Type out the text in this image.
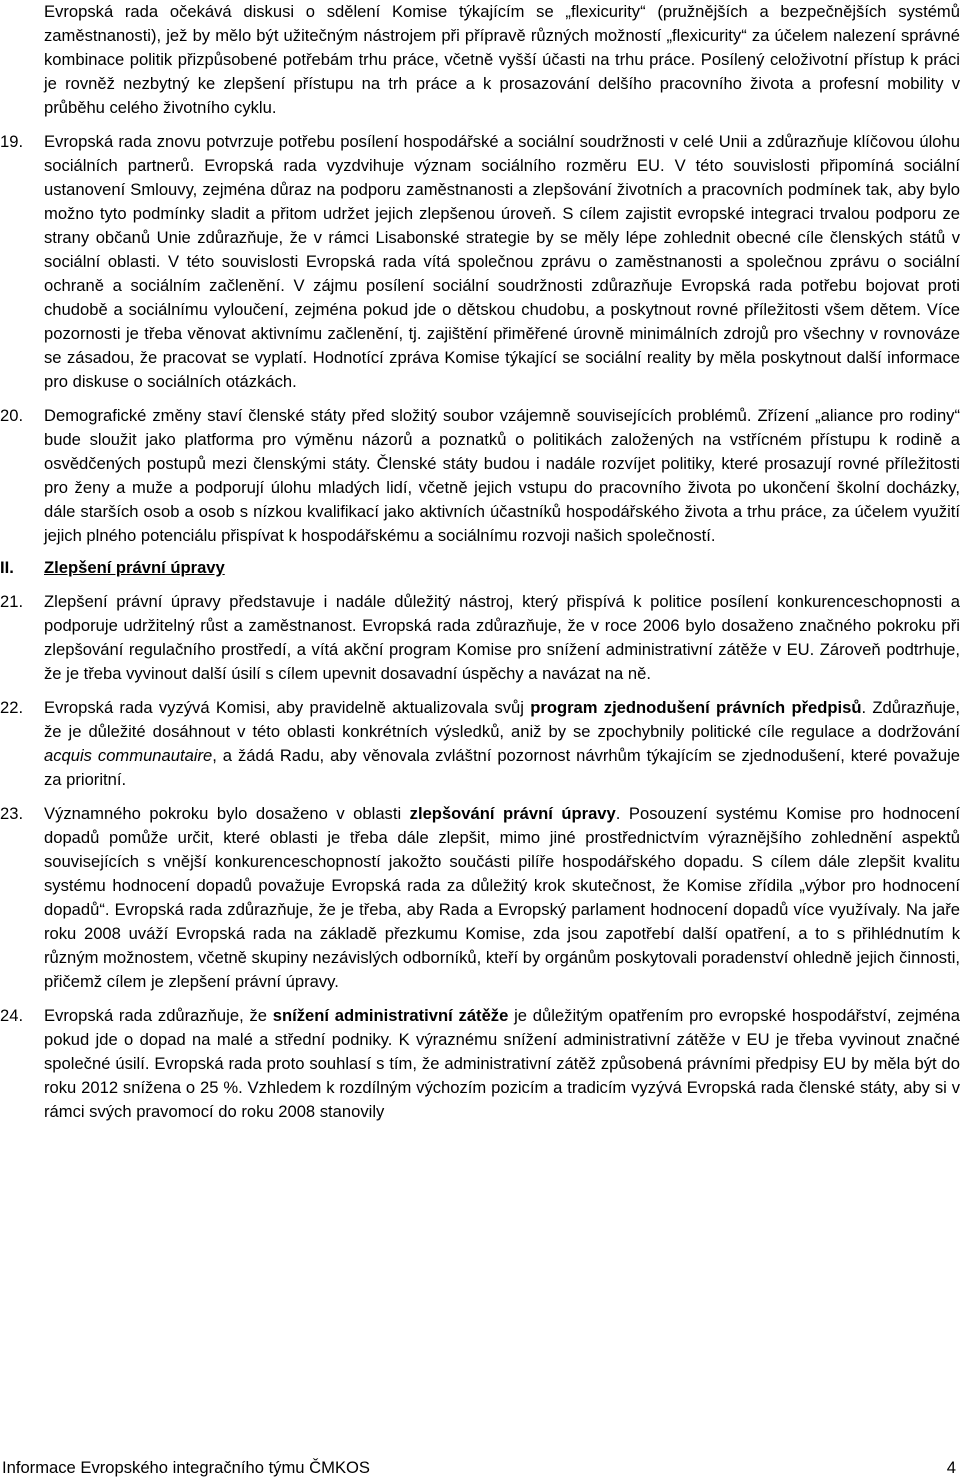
Evropská rada očekává diskusi o sdělení Komise týkajícím se „flexicurity“ (pružnějších a bezpečnějších systémů zaměstnanosti), jež by mělo být užitečným nástrojem při přípravě různých možností „flexicurity“ za účelem nalezení správné kombinace politik přizpůsobené potřebám trhu práce, včetně vyšší účasti na trhu práce. Posílený celoživotní přístup k práci je rovněž nezbytný ke zlepšení přístupu na trh práce a k prosazování delšího pracovního života a profesní mobility v průběhu celého životního cyklu.

19. Evropská rada znovu potvrzuje potřebu posílení hospodářské a sociální soudržnosti v celé Unii a zdůrazňuje klíčovou úlohu sociálních partnerů. Evropská rada vyzdvihuje význam sociálního rozměru EU. V této souvislosti připomíná sociální ustanovení Smlouvy, zejména důraz na podporu zaměstnanosti a zlepšování životních a pracovních podmínek tak, aby bylo možno tyto podmínky sladit a přitom udržet jejich zlepšenou úroveň. S cílem zajistit evropské integraci trvalou podporu ze strany občanů Unie zdůrazňuje, že v rámci Lisabonské strategie by se měly lépe zohlednit obecné cíle členských států v sociální oblasti. V této souvislosti Evropská rada vítá společnou zprávu o zaměstnanosti a společnou zprávu o sociální ochraně a sociálním začlenění. V zájmu posílení sociální soudržnosti zdůrazňuje Evropská rada potřebu bojovat proti chudobě a sociálnímu vyloučení, zejména pokud jde o dětskou chudobu, a poskytnout rovné příležitosti všem dětem. Více pozornosti je třeba věnovat aktivnímu začlenění, tj. zajištění přiměřené úrovně minimálních zdrojů pro všechny v rovnováze se zásadou, že pracovat se vyplatí. Hodnotící zpráva Komise týkající se sociální reality by měla poskytnout další informace pro diskuse o sociálních otázkách.

20. Demografické změny staví členské státy před složitý soubor vzájemně souvisejících problémů. Zřízení „aliance pro rodiny“ bude sloužit jako platforma pro výměnu názorů a poznatků o politikách založených na vstřícném přístupu k rodině a osvědčených postupů mezi členskými státy. Členské státy budou i nadále rozvíjet politiky, které prosazují rovné příležitosti pro ženy a muže a podporují úlohu mladých lidí, včetně jejich vstupu do pracovního života po ukončení školní docházky, dále starších osob a osob s nízkou kvalifikací jako aktivních účastníků hospodářského života a trhu práce, za účelem využití jejich plného potenciálu přispívat k hospodářskému a sociálnímu rozvoji našich společností.

II. Zlepšení právní úpravy

21. Zlepšení právní úpravy představuje i nadále důležitý nástroj, který přispívá k politice posílení konkurenceschopnosti a podporuje udržitelný růst a zaměstnanost. Evropská rada zdůrazňuje, že v roce 2006 bylo dosaženo značného pokroku při zlepšování regulačního prostředí, a vítá akční program Komise pro snížení administrativní zátěže v EU. Zároveň podtrhuje, že je třeba vyvinout další úsilí s cílem upevnit dosavadní úspěchy a navázat na ně.

22. Evropská rada vyzývá Komisi, aby pravidelně aktualizovala svůj program zjednodušení právních předpisů. Zdůrazňuje, že je důležité dosáhnout v této oblasti konkrétních výsledků, aniž by se zpochybnily politické cíle regulace a dodržování acquis communautaire, a žádá Radu, aby věnovala zvláštní pozornost návrhům týkajícím se zjednodušení, které považuje za prioritní.

23. Významného pokroku bylo dosaženo v oblasti zlepšování právní úpravy. Posouzení systému Komise pro hodnocení dopadů pomůže určit, které oblasti je třeba dále zlepšit, mimo jiné prostřednictvím výraznějšího zohlednění aspektů souvisejících s vnější konkurenceschopností jakožto součásti pilíře hospodářského dopadu. S cílem dále zlepšit kvalitu systému hodnocení dopadů považuje Evropská rada za důležitý krok skutečnost, že Komise zřídila „výbor pro hodnocení dopadů“. Evropská rada zdůrazňuje, že je třeba, aby Rada a Evropský parlament hodnocení dopadů více využívaly. Na jaře roku 2008 uváží Evropská rada na základě přezkumu Komise, zda jsou zapotřebí další opatření, a to s přihlédnutím k různým možnostem, včetně skupiny nezávislých odborníků, kteří by orgánům poskytovali poradenství ohledně jejich činnosti, přičemž cílem je zlepšení právní úpravy.

24. Evropská rada zdůrazňuje, že snížení administrativní zátěže je důležitým opatřením pro evropské hospodářství, zejména pokud jde o dopad na malé a střední podniky. K výraznému snížení administrativní zátěže v EU je třeba vyvinout značné společné úsilí. Evropská rada proto souhlasí s tím, že administrativní zátěž způsobená právními předpisy EU by měla být do roku 2012 snížena o 25 %. Vzhledem k rozdílným výchozím pozicím a tradicím vyzývá Evropská rada členské státy, aby si v rámci svých pravomocí do roku 2008 stanovily

Informace Evropského integračního týmu ČMKOS	4
